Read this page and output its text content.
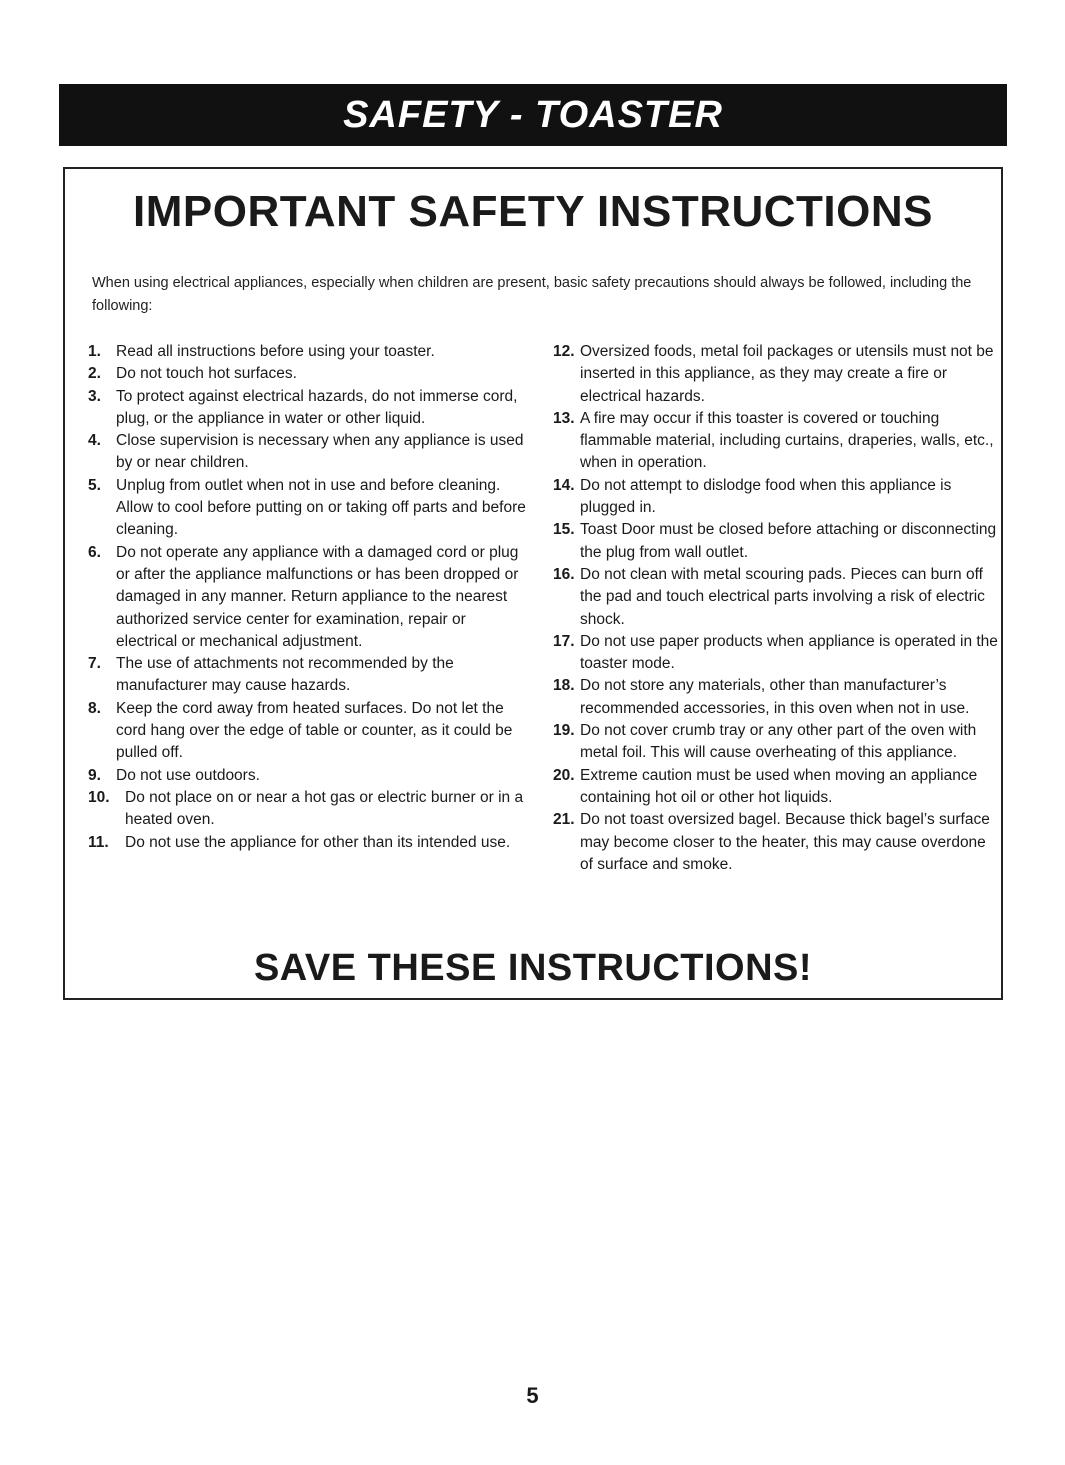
SAFETY - TOASTER
IMPORTANT SAFETY INSTRUCTIONS

When using electrical appliances, especially when children are present, basic safety precautions should always be followed, including the following:

1. Read all instructions before using your toaster.
2. Do not touch hot surfaces.
3. To protect against electrical hazards, do not immerse cord, plug, or the appliance in water or other liquid.
4. Close supervision is necessary when any appliance is used by or near children.
5. Unplug from outlet when not in use and before cleaning. Allow to cool before putting on or taking off parts and before cleaning.
6. Do not operate any appliance with a damaged cord or plug or after the appliance malfunctions or has been dropped or damaged in any manner. Return appliance to the nearest authorized service center for examination, repair or electrical or mechanical adjustment.
7. The use of attachments not recommended by the manufacturer may cause hazards.
8. Keep the cord away from heated surfaces. Do not let the cord hang over the edge of table or counter, as it could be pulled off.
9. Do not use outdoors.
10. Do not place on or near a hot gas or electric burner or in a heated oven.
11. Do not use the appliance for other than its intended use.
12. Oversized foods, metal foil packages or utensils must not be inserted in this appliance, as they may create a fire or electrical hazards.
13. A fire may occur if this toaster is covered or touching flammable material, including curtains, draperies, walls, etc., when in operation.
14. Do not attempt to dislodge food when this appliance is plugged in.
15. Toast Door must be closed before attaching or disconnecting the plug from wall outlet.
16. Do not clean with metal scouring pads. Pieces can burn off the pad and touch electrical parts involving a risk of electric shock.
17. Do not use paper products when appliance is operated in the toaster mode.
18. Do not store any materials, other than manufacturer’s recommended accessories, in this oven when not in use.
19. Do not cover crumb tray or any other part of the oven with metal foil. This will cause overheating of this appliance.
20. Extreme caution must be used when moving an appliance containing hot oil or other hot liquids.
21. Do not toast oversized bagel. Because thick bagel’s surface may become closer to the heater, this may cause overdone of surface and smoke.
SAVE THESE INSTRUCTIONS!
5
